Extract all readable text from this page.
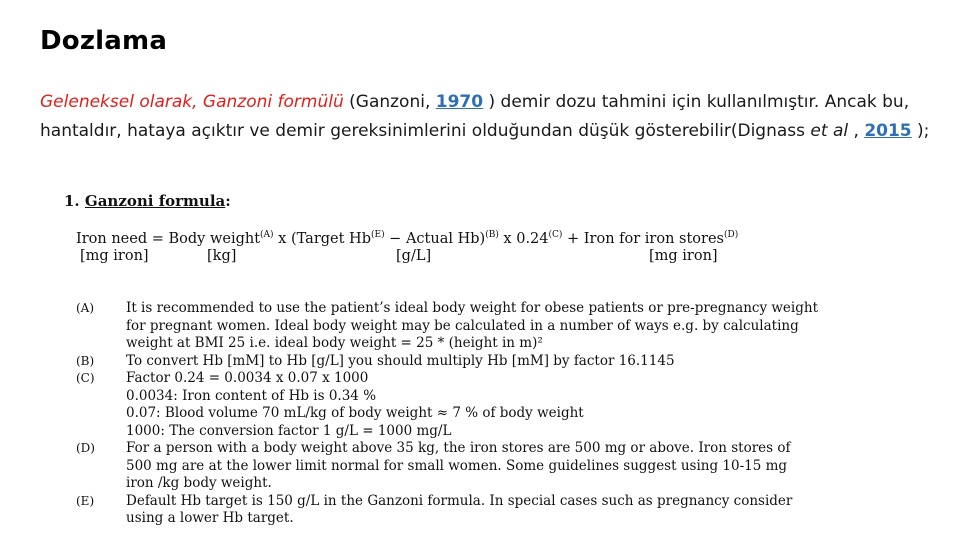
Dozlama
Geleneksel olarak, Ganzoni formülü (Ganzoni, 1970 ) demir dozu tahmini için kullanılmıştır. Ancak bu, hantaldır, hataya açıktır ve demir gereksinimlerini olduğundan düşük gösterebilir(Dignass et al , 2015 );
1. Ganzoni formula:
Iron need = Body weight$^{(A)}$ x (Target $Hb^{(E)}$ − Actual Hb)$^{(B)}$ x $0.24^{(C)}$ + Iron for iron stores$^{(D)}$
[mg iron]	[kg]	[g/L]	[mg iron]
(A) It is recommended to use the patient’s ideal body weight for obese patients or pre-pregnancy weight
for pregnant women. Ideal body weight may be calculated in a number of ways e.g. by calculating
weight at BMI 25 i.e. ideal body weight = 25 * (height in m)²
(B) To convert Hb [mM] to Hb [g/L] you should multiply Hb [mM] by factor 16.1145
(C) Factor 0.24 = 0.0034 x 0.07 x 1000
0.0034: Iron content of Hb is 0.34 %
0.07: Blood volume 70 mL/kg of body weight ≈ 7 % of body weight
1000: The conversion factor 1 g/L = 1000 mg/L
(D) For a person with a body weight above 35 kg, the iron stores are 500 mg or above. Iron stores of
500 mg are at the lower limit normal for small women. Some guidelines suggest using 10-15 mg
iron /kg body weight.
(E) Default Hb target is 150 g/L in the Ganzoni formula. In special cases such as pregnancy consider
using a lower Hb target.
